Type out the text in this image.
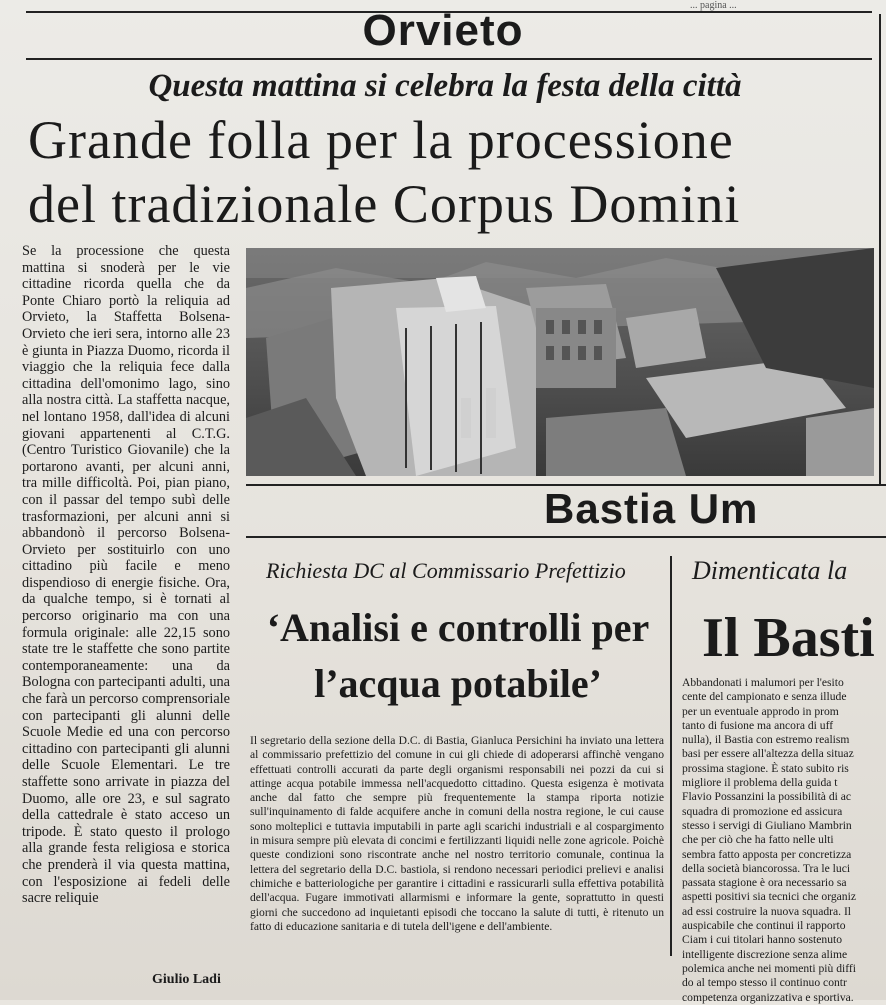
... pagina ...
Orvieto
Questa mattina si celebra la festa della città
Grande folla per la processione
del tradizionale Corpus Domini
Se la processione che questa mattina si snoderà per le vie cittadine ricorda quella che da Ponte Chiaro portò la reliquia ad Orvieto, la Staffetta Bolsena-Orvieto che ieri sera, intorno alle 23 è giunta in Piazza Duomo, ricorda il viaggio che la reliquia fece dalla cittadina dell'omonimo lago, sino alla nostra città. La staffetta nacque, nel lontano 1958, dall'idea di alcuni giovani appartenenti al C.T.G. (Centro Turistico Giovanile) che la portarono avanti, per alcuni anni, tra mille difficoltà. Poi, pian piano, con il passar del tempo subì delle trasformazioni, per alcuni anni si abbandonò il percorso Bolsena-Orvieto per sostituirlo con uno cittadino più facile e meno dispendioso di energie fisiche. Ora, da qualche tempo, si è tornati al percorso originario ma con una formula originale: alle 22,15 sono state tre le staffette che sono partite contemporaneamente: una da Bologna con partecipanti adulti, una che farà un percorso comprensoriale con partecipanti gli alunni delle Scuole Medie ed una con percorso cittadino con partecipanti gli alunni delle Scuole Elementari. Le tre staffette sono arrivate in piazza del Duomo, alle ore 23, e sul sagrato della cattedrale è stato acceso un tripode. È stato questo il prologo alla grande festa religiosa e storica che prenderà il via questa mattina, con l'esposizione ai fedeli delle sacre reliquie
Giulio Ladi
Bastia Um
Richiesta DC al Commissario Prefettizio
‘Analisi e controlli per l’acqua potabile’
Il segretario della sezione della D.C. di Bastia, Gianluca Persichini ha inviato una lettera al commissario prefettizio del comune in cui gli chiede di adoperarsi affinchè vengano effettuati controlli accurati da parte degli organismi responsabili nei pozzi da cui si attinge acqua potabile immessa nell'acquedotto cittadino. Questa esigenza è motivata anche dal fatto che sempre più frequentemente la stampa riporta notizie sull'inquinamento di falde acquifere anche in comuni della nostra regione, le cui cause sono molteplici e tuttavia imputabili in parte agli scarichi industriali e al cospargimento in misura sempre più elevata di concimi e fertilizzanti liquidi nelle zone agricole. Poichè queste condizioni sono riscontrate anche nel nostro territorio comunale, continua la lettera del segretario della D.C. bastiola, si rendono necessari periodici prelievi e analisi chimiche e batteriologiche per garantire i cittadini e rassicurarli sulla effettiva potabilità dell'acqua. Fugare immotivati allarmismi e informare la gente, soprattutto in questi giorni che succedono ad inquietanti episodi che toccano la salute di tutti, è ritenuto un fatto di educazione sanitaria e di tutela dell'igene e dell'ambiente.
Dimenticata la
Il Basti
Abbandonati i malumori per l'esito
cente del campionato e senza illude
per un eventuale approdo in prom
tanto di fusione ma ancora di uff
nulla), il Bastia con estremo realism
basi per essere all'altezza della situaz
prossima stagione. È stato subito ris
migliore il problema della guida t
Flavio Possanzini la possibilità di ac
squadra di promozione ed assicura
stesso i servigi di Giuliano Mambrin
che per ciò che ha fatto nelle ulti
sembra fatto apposta per concretizza
della società biancorossa. Tra le luci
passata stagione è ora necessario sa
aspetti positivi sia tecnici che organiz
ad essi costruire la nuova squadra. Il
auspicabile che continui il rapporto
Ciam i cui titolari hanno sostenuto
intelligente discrezione senza alime
polemica anche nei momenti più diffi
do al tempo stesso il continuo contr
competenza organizzativa e sportiva.
